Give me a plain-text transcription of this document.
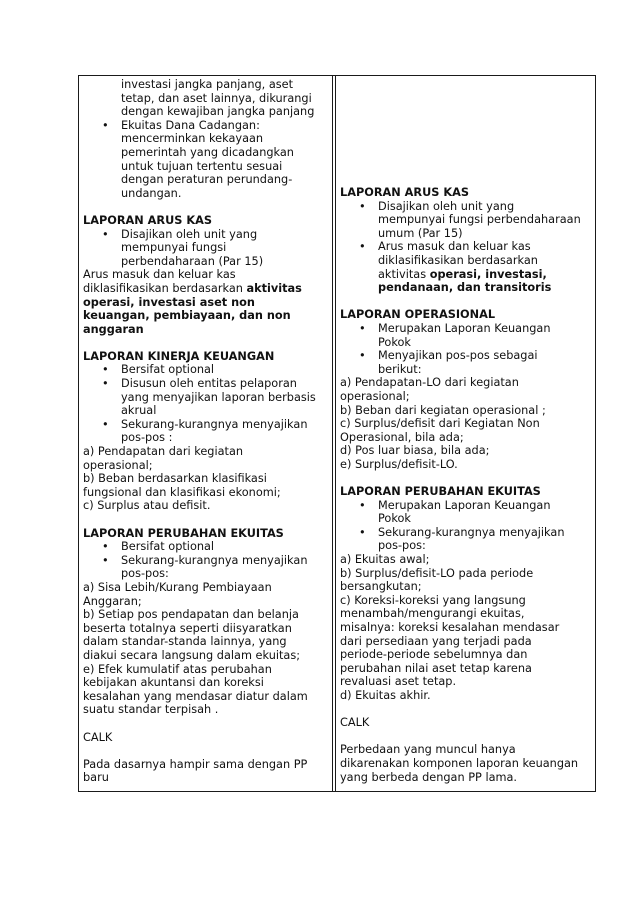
investasi jangka panjang, aset
tetap, dan aset lainnya, dikurangi
dengan kewajiban jangka panjang
• Ekuitas Dana Cadangan:
mencerminkan kekayaan
pemerintah yang dicadangkan
untuk tujuan tertentu sesuai
dengan peraturan perundang-
undangan.
LAPORAN ARUS KAS
• Disajikan oleh unit yang
mempunyai fungsi
perbendaharaan (Par 15)

Arus masuk dan keluar kas
diklasifikasikan berdasarkan aktivitas
operasi, investasi aset non
keuangan, pembiayaan, dan non
anggaran

LAPORAN KINERJA KEUANGAN
• Bersifat optional
• Disusun oleh entitas pelaporan
yang menyajikan laporan berbasis
akrual
• Sekurang-kurangnya menyajikan
pos-pos :

a) Pendapatan dari kegiatan
operasional;
b) Beban berdasarkan klasifikasi
fungsional dan klasifikasi ekonomi;
c) Surplus atau defisit.

LAPORAN PERUBAHAN EKUITAS
• Bersifat optional
• Sekurang-kurangnya menyajikan
pos-pos:

a) Sisa Lebih/Kurang Pembiayaan
Anggaran;
b) Setiap pos pendapatan dan belanja
beserta totalnya seperti diisyaratkan
dalam standar-standa lainnya, yang
diakui secara langsung dalam ekuitas;
e) Efek kumulatif atas perubahan
kebijakan akuntansi dan koreksi
kesalahan yang mendasar diatur dalam
suatu standar terpisah .

CALK

Pada dasarnya hampir sama dengan PP
baru

LAPORAN ARUS KAS
• Disajikan oleh unit yang
mempunyai fungsi perbendaharaan
umum (Par 15)
• Arus masuk dan keluar kas
diklasifikasikan berdasarkan
aktivitas operasi, investasi,
pendanaan, dan transitoris
LAPORAN OPERASIONAL
• Merupakan Laporan Keuangan
Pokok
• Menyajikan pos-pos sebagai
berikut:

a) Pendapatan-LO dari kegiatan
operasional;
b) Beban dari kegiatan operasional ;
c) Surplus/defisit dari Kegiatan Non
Operasional, bila ada;
d) Pos luar biasa, bila ada;
e) Surplus/defisit-LO.

LAPORAN PERUBAHAN EKUITAS
• Merupakan Laporan Keuangan
Pokok
• Sekurang-kurangnya menyajikan
pos-pos:

a) Ekuitas awal;
b) Surplus/defisit-LO pada periode
bersangkutan;
c) Koreksi-koreksi yang langsung
menambah/mengurangi ekuitas,
misalnya: koreksi kesalahan mendasar
dari persediaan yang terjadi pada
periode-periode sebelumnya dan
perubahan nilai aset tetap karena
revaluasi aset tetap.
d) Ekuitas akhir.

CALK

Perbedaan yang muncul hanya
dikarenakan komponen laporan keuangan
yang berbeda dengan PP lama.
